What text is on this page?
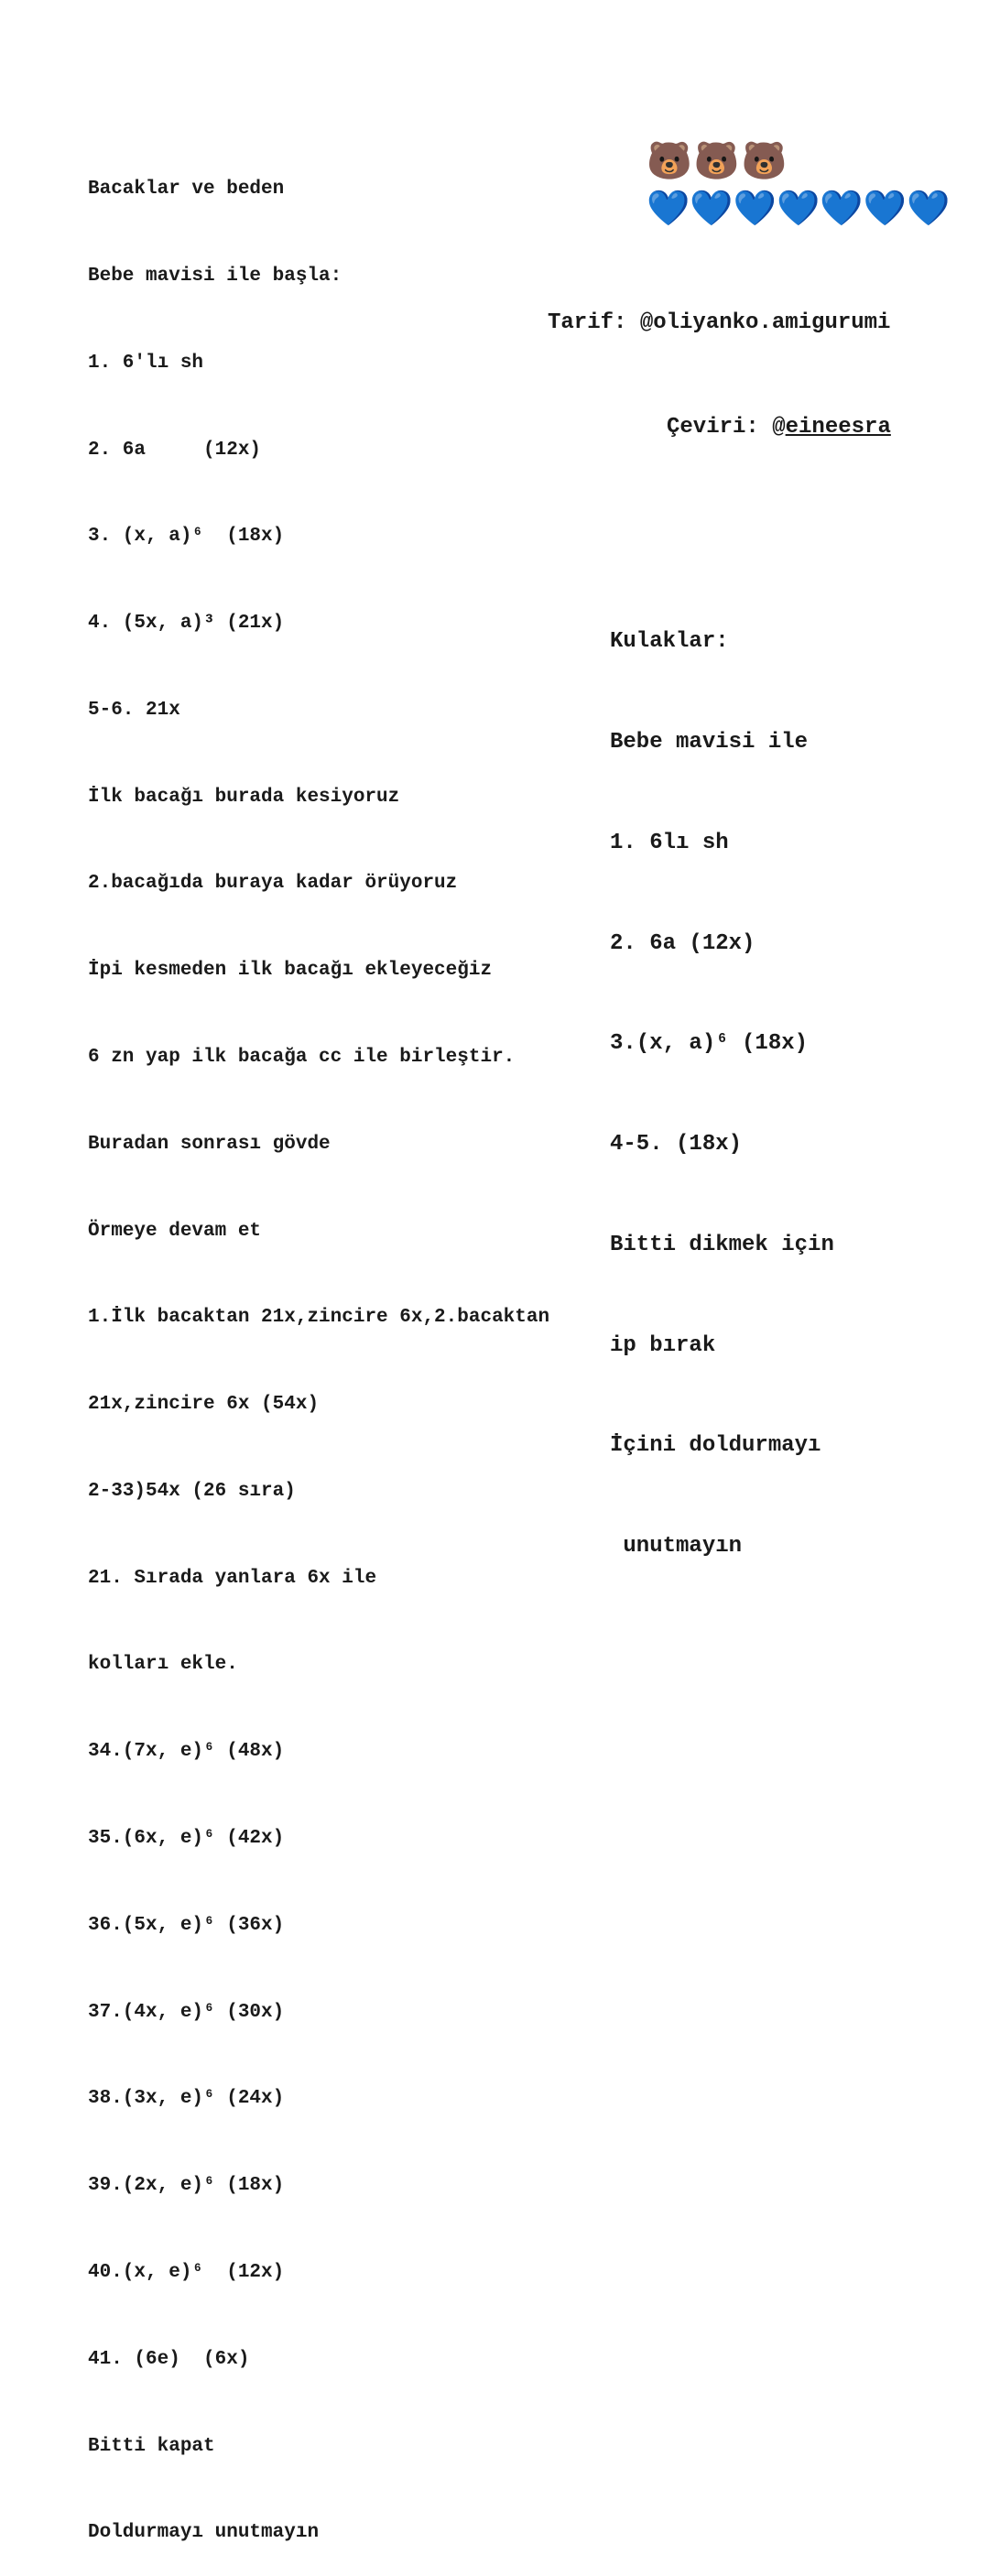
Bacaklar ve beden

Bebe mavisi ile başla:

1. 6'lı sh

2. 6a     (12x)

3. (x, a)⁶  (18x)

4. (5x, a)³ (21x)

5-6. 21x

İlk bacağı burada kesiyoruz

2.bacağıda buraya kadar örüyoruz

İpi kesmeden ilk bacağı ekleyeceğiz

6 zn yap ilk bacağa cc ile birleştir.

Buradan sonrası gövde

Örmeye devam et

1.İlk bacaktan 21x,zincire 6x,2.bacaktan

21x,zincire 6x (54x)

2-33)54x (26 sıra)

21. Sırada yanlara 6x ile

kolları ekle.

34.(7x, e)⁶ (48x)

35.(6x, e)⁶ (42x)

36.(5x, e)⁶ (36x)

37.(4x, e)⁶ (30x)

38.(3x, e)⁶ (24x)

39.(2x, e)⁶ (18x)

40.(x, e)⁶  (12x)

41. (6e)  (6x)

Bitti kapat

Doldurmayı unutmayın

🐻🐻🐻
💙💙💙💙💙💙💙

Tarif: @oliyanko.amigurumi

Çeviri: @eineesra

Kulaklar:

Bebe mavisi ile

1. 6lı sh

2. 6a (12x)

3.(x, a)⁶ (18x)

4-5. (18x)

Bitti dikmek için

ip bırak

İçini doldurmayı

unutmayın
